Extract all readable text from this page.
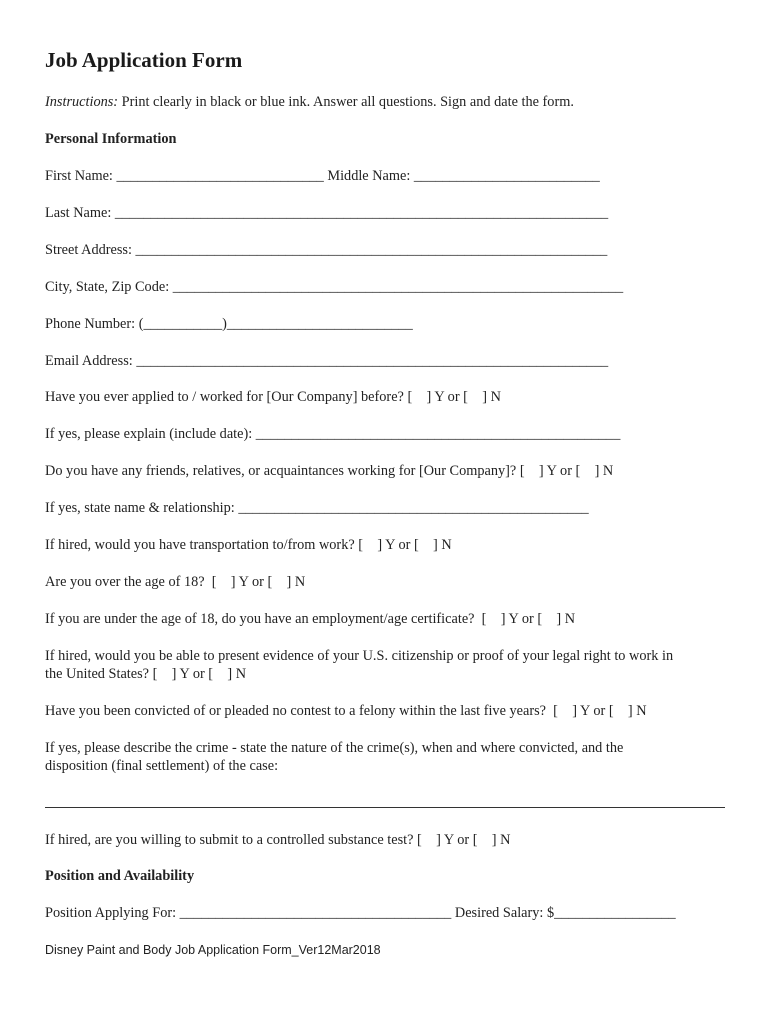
Job Application Form
Instructions: Print clearly in black or blue ink. Answer all questions. Sign and date the form.
Personal Information
First Name: _____________________________ Middle Name: __________________________
Last Name: _____________________________________________________________________
Street Address: __________________________________________________________________
City, State, Zip Code: _______________________________________________________________
Phone Number: (___________)__________________________
Email Address: __________________________________________________________________
Have you ever applied to / worked for [Our Company] before? [    ] Y or [    ] N
If yes, please explain (include date): ___________________________________________________
Do you have any friends, relatives, or acquaintances working for [Our Company]? [    ] Y or [    ] N
If yes, state name & relationship: _________________________________________________
If hired, would you have transportation to/from work? [    ] Y or [    ] N
Are you over the age of 18?  [    ] Y or [    ] N
If you are under the age of 18, do you have an employment/age certificate?  [    ] Y or [    ] N
If hired, would you be able to present evidence of your U.S. citizenship or proof of your legal right to work in
the United States? [    ] Y or [    ] N
Have you been convicted of or pleaded no contest to a felony within the last five years?  [    ] Y or [    ] N
If yes, please describe the crime - state the nature of the crime(s), when and where convicted, and the
disposition (final settlement) of the case:
If hired, are you willing to submit to a controlled substance test? [    ] Y or [    ] N
Position and Availability
Position Applying For: ______________________________________ Desired Salary: $_________________
Disney Paint and Body Job Application Form_Ver12Mar2018
